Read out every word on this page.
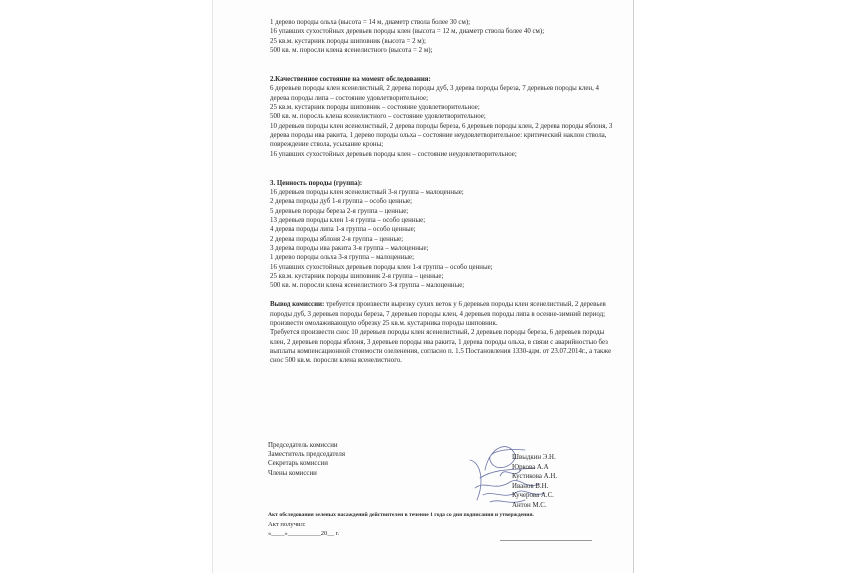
1 дерево породы ольха (высота = 14 м, диаметр ствола более 30 см);

16 упавших сухостойных деревьев породы клен (высота = 12 м, диаметр ствола более 40 см);

25 кв.м. кустарник породы шиповник (высота = 2 м);

500 кв. м. поросли клена ясенелистного (высота = 2 м);

2.Качественное состояние на момент обследования:

6 деревьев породы клен ясенелистный, 2 дерева породы дуб, 3 дерева породы береза, 7 деревьев породы клен, 4 дерева породы липа – состояние удовлетворительное;

25 кв.м. кустарник породы шиповник – состояние удовлетворительное;

500 кв. м. поросль клена ясенелистного – состояние удовлетворительное;

10 деревьев породы клен ясенелистный, 2 дерева породы береза, 6 деревьев породы клен, 2 дерева породы яблоня, 3 дерева породы ива ракита, 1 дерево породы ольха – состояние неудовлетворительное: критический наклон ствола, повреждение ствола, усыхание кроны;

16 упавших сухостойных деревьев породы клен – состояние неудовлетворительное;

3. Ценность породы (группа):

16 деревьев породы клен ясенелистный 3-я группа – малоценные;

2 дерева породы дуб 1-я группа – особо ценные;

5 деревьев породы береза 2-я группа – ценные;

13 деревьев породы клен 1-я группа – особо ценные;

4 дерева породы липа 1-я группа – особо ценные;

2 дерева породы яблоня 2-я группа – ценные;

3 дерева породы ива ракита 3-я группа – малоценные;

1 дерево породы ольха 3-я группа – малоценные;

16 упавших сухостойных деревьев породы клен 1-я группа – особо ценные;

25 кв.м. кустарник породы шиповник 2-я группа – ценные;

500 кв. м. поросли клена ясенелистного 3-я группа – малоценные;

Вывод комиссии: требуется произвести вырезку сухих веток у 6 деревьев породы клен ясенелистный, 2 деревьев породы дуб, 3 деревьев породы береза, 7 деревьев породы клен, 4 деревьев породы липа в осенне-зимний период; произвести омолаживающую обрезку 25 кв.м. кустарника породы шиповник.

Требуется произвести снос 10 деревьев породы клен ясенелистный, 2 деревьев породы береза, 6 деревьев породы клен, 2 деревьев породы яблоня, 3 деревьев породы ива ракита, 1 дерева породы ольха, в связи с аварийностью без выплаты компенсационной стоимости озеленения, согласно п. 1.5 Постановления 1330-адм. от 23.07.2014г., а также снос 500 кв.м. поросли клена ясенелистного.

Председатель комиссии
Заместитель председателя
Секретарь комиссии
Члены комиссии
Швыдкин Э.Н.
Юркова А.А
Кустикова А.Н.
Иванов В.Н.
Кучерова А.С.
Антон М.С.
Акт обследования зеленых насаждений действителен в течение 1 года со дня подписания и утверждения.
Акт получил:
«____»__________20__ г.
